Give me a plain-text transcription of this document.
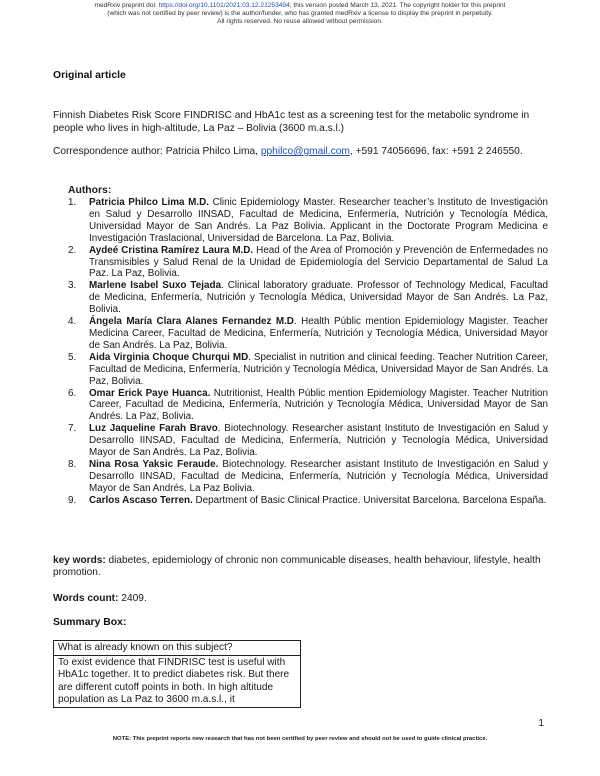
medRxiv preprint doi: https://doi.org/10.1101/2021.03.12.21253494; this version posted March 13, 2021. The copyright holder for this preprint
(which was not certified by peer review) is the author/funder, who has granted medRxiv a license to display the preprint in perpetuity.
All rights reserved. No reuse allowed without permission.
Original article

Finnish Diabetes Risk Score FINDRISC and HbA1c test as a screening test for the metabolic syndrome in people who lives in high-altitude, La Paz – Bolivia (3600 m.a.s.l.)

Correspondence author: Patricia Philco Lima, pphilco@gmail.com, +591 74056696, fax: +591 2 246550.

Authors:
1. Patricia Philco Lima M.D. Clinic Epidemiology Master. Researcher teacher’s Instituto de Investigación en Salud y Desarrollo IINSAD, Facultad de Medicina, Enfermería, Nutrición y Tecnología Médica, Universidad Mayor de San Andrés. La Paz Bolivia. Applicant in the Doctorate Program Medicina e Investigación Traslacional, Universidad de Barcelona. La Paz, Bolivia.
2. Aydeé Cristina Ramírez Laura M.D. Head of the Area of Promoción y Prevención de Enfermedades no Transmisibles y Salud Renal de la Unidad de Epidemiología del Servicio Departamental de Salud La Paz. La Paz, Bolivia.
3. Marlene Isabel Suxo Tejada. Clinical laboratory graduate. Professor of Technology Medical, Facultad de Medicina, Enfermería, Nutrición y Tecnología Médica, Universidad Mayor de San Andrés. La Paz, Bolivia.
4. Ángela María Clara Alanes Fernandez M.D. Health Públic mention Epidemiology Magister. Teacher Medicina Career, Facultad de Medicina, Enfermería, Nutrición y Tecnología Médica, Universidad Mayor de San Andrés. La Paz, Bolivia.
5. Aida Virginia Choque Churqui MD. Specialist in nutrition and clinical feeding. Teacher Nutrition Career, Facultad de Medicina, Enfermería, Nutrición y Tecnología Médica, Universidad Mayor de San Andrés. La Paz, Bolivia.
6. Omar Erick Paye Huanca. Nutritionist, Health Públic mention Epidemiology Magister. Teacher Nutrition Career, Facultad de Medicina, Enfermería, Nutrición y Tecnología Médica, Universidad Mayor de San Andrés. La Paz, Bolivia.
7. Luz Jaqueline Farah Bravo. Biotechnology. Researcher asistant Instituto de Investigación en Salud y Desarrollo IINSAD, Facultad de Medicina, Enfermería, Nutrición y Tecnología Médica, Universidad Mayor de San Andrés. La Paz, Bolivia.
8. Nina Rosa Yaksic Feraude. Biotechnology. Researcher asistant Instituto de Investigación en Salud y Desarrollo IINSAD, Facultad de Medicina, Enfermería, Nutrición y Tecnología Médica, Universidad Mayor de San Andrés. La Paz Bolivia.
9. Carlos Ascaso Terren. Department of Basic Clinical Practice. Universitat Barcelona. Barcelona España.

key words: diabetes, epidemiology of chronic non communicable diseases, health behaviour, lifestyle, health promotion.

Words count: 2409.

Summary Box:
What is already known on this subject?
To exist evidence that FINDRISC test is useful with HbA1c together. It to predict diabetes risk. But there are different cutoff points in both. In high altitude population as La Paz to 3600 m.a.s.l., it
1
NOTE: This preprint reports new research that has not been certified by peer review and should not be used to guide clinical practice.
